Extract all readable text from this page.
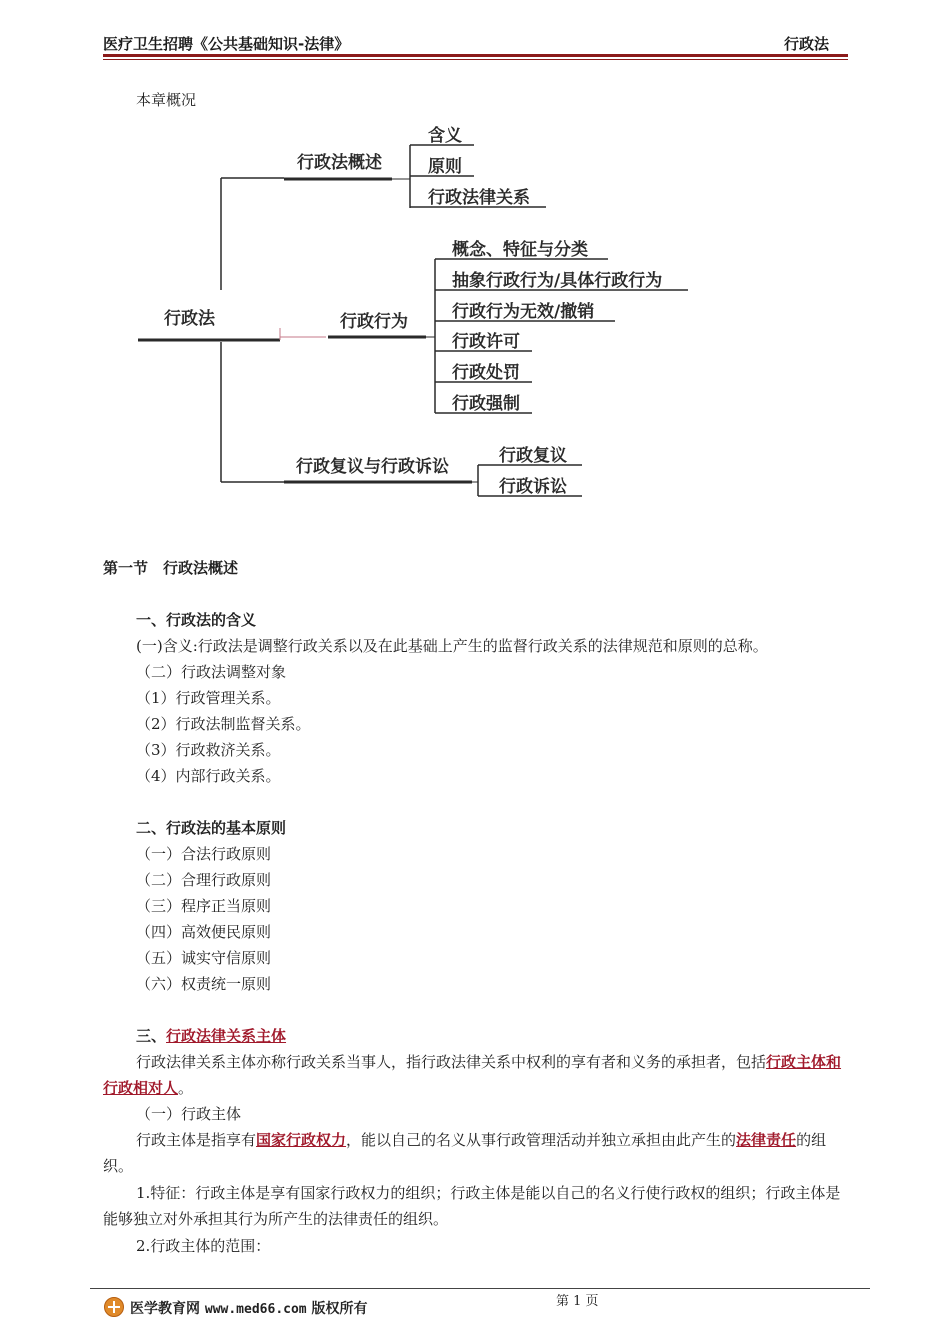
医疗卫生招聘《公共基础知识-法律》	行政法
本章概况
行政法
行政法概述
含义
原则
行政法律关系
行政行为
概念、特征与分类
抽象行政行为/具体行政行为
行政行为无效/撤销
行政许可
行政处罚
行政强制
行政复议与行政诉讼
行政复议
行政诉讼
第一节　行政法概述
一、行政法的含义
(一)含义:行政法是调整行政关系以及在此基础上产生的监督行政关系的法律规范和原则的总称。
（二）行政法调整对象
（1）行政管理关系。
（2）行政法制监督关系。
（3）行政救济关系。
（4）内部行政关系。
二、行政法的基本原则
（一）合法行政原则
（二）合理行政原则
（三）程序正当原则
（四）高效便民原则
（五）诚实守信原则
（六）权责统一原则
三、行政法律关系主体
行政法律关系主体亦称行政关系当事人，指行政法律关系中权利的享有者和义务的承担者，包括行政主体和行政相对人。
（一）行政主体
行政主体是指享有国家行政权力，能以自己的名义从事行政管理活动并独立承担由此产生的法律责任的组织。
1.特征：行政主体是享有国家行政权力的组织；行政主体是能以自己的名义行使行政权的组织；行政主体是能够独立对外承担其行为所产生的法律责任的组织。
2.行政主体的范围：
第 1 页
医学教育网 www.med66.com 版权所有
